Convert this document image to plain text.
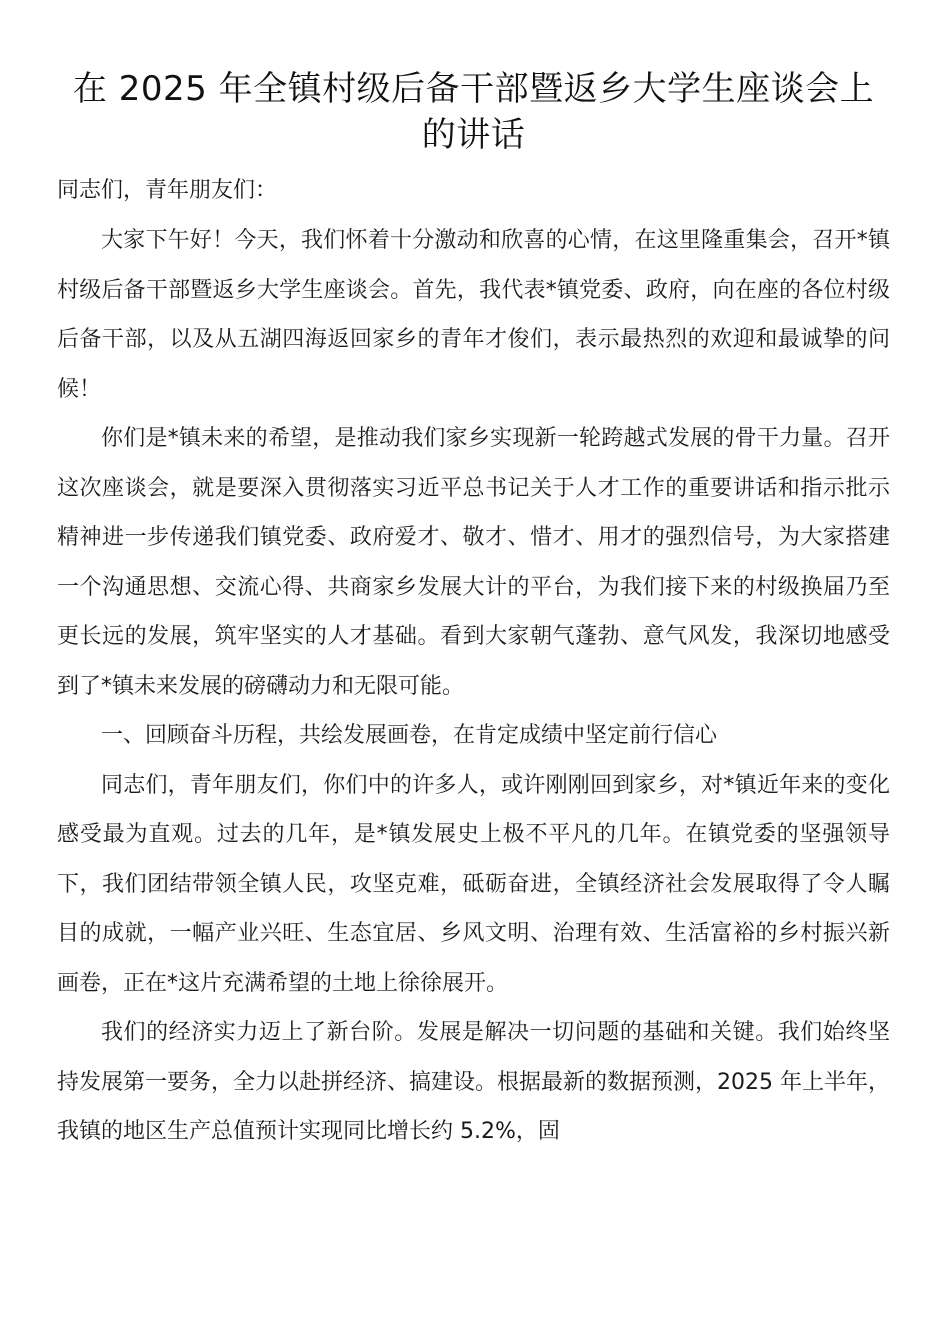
在 2025 年全镇村级后备干部暨返乡大学生座谈会上的讲话

同志们，青年朋友们：

大家下午好！今天，我们怀着十分激动和欣喜的心情，在这里隆重集会，召开*镇村级后备干部暨返乡大学生座谈会。首先，我代表*镇党委、政府，向在座的各位村级后备干部，以及从五湖四海返回家乡的青年才俊们，表示最热烈的欢迎和最诚挚的问候！

你们是*镇未来的希望，是推动我们家乡实现新一轮跨越式发展的骨干力量。召开这次座谈会，就是要深入贯彻落实习近平总书记关于人才工作的重要讲话和指示批示精神进一步传递我们镇党委、政府爱才、敬才、惜才、用才的强烈信号，为大家搭建一个沟通思想、交流心得、共商家乡发展大计的平台，为我们接下来的村级换届乃至更长远的发展，筑牢坚实的人才基础。看到大家朝气蓬勃、意气风发，我深切地感受到了*镇未来发展的磅礴动力和无限可能。

一、回顾奋斗历程，共绘发展画卷，在肯定成绩中坚定前行信心

同志们，青年朋友们，你们中的许多人，或许刚刚回到家乡，对*镇近年来的变化感受最为直观。过去的几年，是*镇发展史上极不平凡的几年。在镇党委的坚强领导下，我们团结带领全镇人民，攻坚克难，砥砺奋进，全镇经济社会发展取得了令人瞩目的成就，一幅产业兴旺、生态宜居、乡风文明、治理有效、生活富裕的乡村振兴新画卷，正在*这片充满希望的土地上徐徐展开。

我们的经济实力迈上了新台阶。发展是解决一切问题的基础和关键。我们始终坚持发展第一要务，全力以赴拼经济、搞建设。根据最新的数据预测，2025 年上半年，我镇的地区生产总值预计实现同比增长约 5.2%，固
